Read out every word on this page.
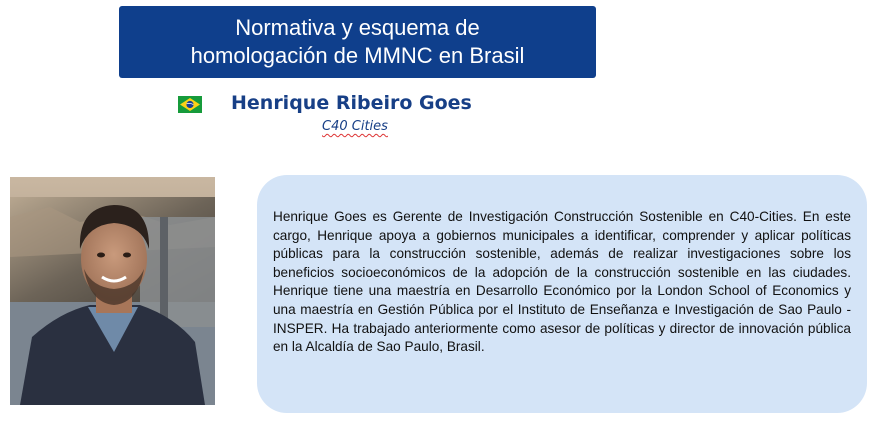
Normativa y esquema de
homologación de MMNC en Brasil
Henrique Ribeiro Goes
C40 Cities

Henrique Goes es Gerente de Investigación Construcción Sostenible en C40-Cities. En este cargo, Henrique apoya a gobiernos municipales a identificar, comprender y aplicar políticas públicas para la construcción sostenible, además de realizar investigaciones sobre los beneficios socioeconómicos de la adopción de la construcción sostenible en las ciudades. Henrique tiene una maestría en Desarrollo Económico por la London School of Economics y una maestría en Gestión Pública por el Instituto de Enseñanza e Investigación de Sao Paulo - INSPER. Ha trabajado anteriormente como asesor de políticas y director de innovación pública en la Alcaldía de Sao Paulo, Brasil.
